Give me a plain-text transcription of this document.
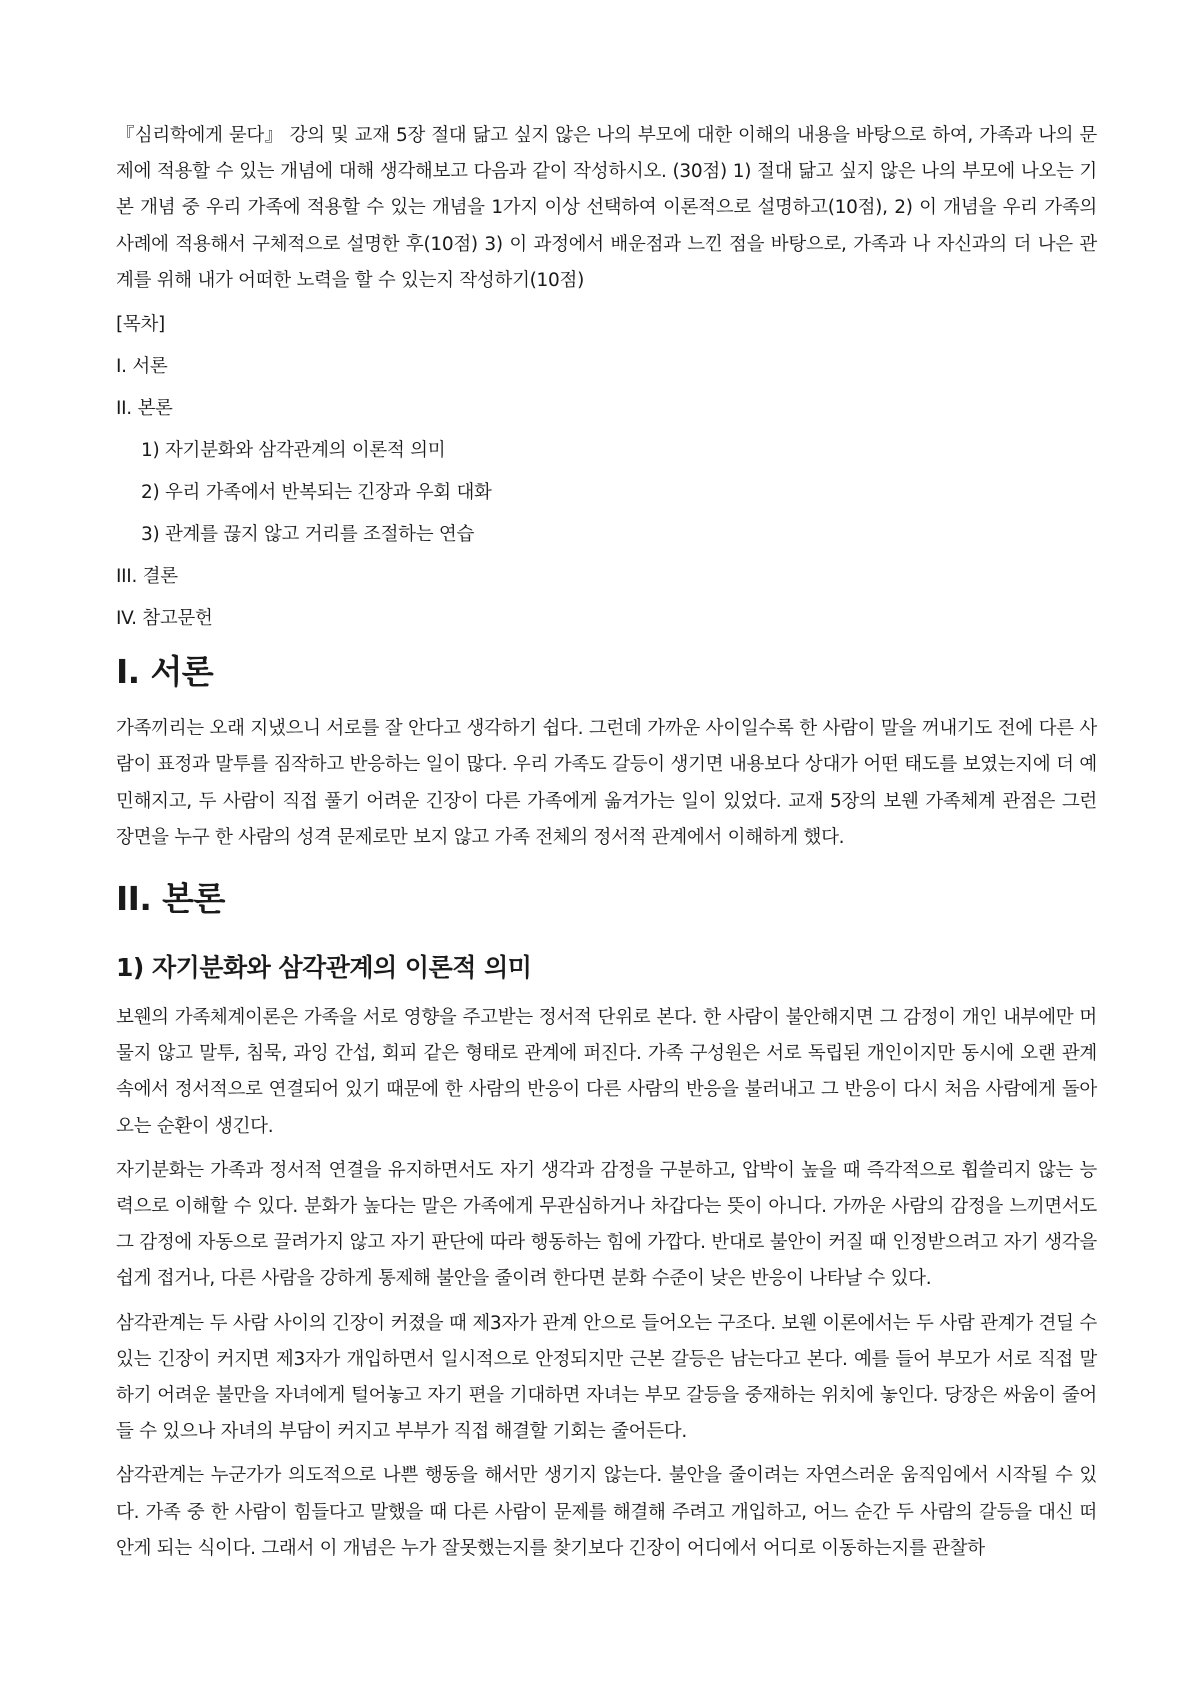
『심리학에게 묻다』 강의 및 교재 5장 절대 닮고 싶지 않은 나의 부모에 대한 이해의 내용을 바탕으로 하여, 가족과 나의 문제에 적용할 수 있는 개념에 대해 생각해보고 다음과 같이 작성하시오. (30점) 1) 절대 닮고 싶지 않은 나의 부모에 나오는 기본 개념 중 우리 가족에 적용할 수 있는 개념을 1가지 이상 선택하여 이론적으로 설명하고(10점), 2) 이 개념을 우리 가족의 사례에 적용해서 구체적으로 설명한 후(10점) 3) 이 과정에서 배운점과 느낀 점을 바탕으로, 가족과 나 자신과의 더 나은 관계를 위해 내가 어떠한 노력을 할 수 있는지 작성하기(10점)

[목차]

I. 서론
II. 본론
1) 자기분화와 삼각관계의 이론적 의미
2) 우리 가족에서 반복되는 긴장과 우회 대화
3) 관계를 끊지 않고 거리를 조절하는 연습
III. 결론
IV. 참고문헌
I. 서론

가족끼리는 오래 지냈으니 서로를 잘 안다고 생각하기 쉽다. 그런데 가까운 사이일수록 한 사람이 말을 꺼내기도 전에 다른 사람이 표정과 말투를 짐작하고 반응하는 일이 많다. 우리 가족도 갈등이 생기면 내용보다 상대가 어떤 태도를 보였는지에 더 예민해지고, 두 사람이 직접 풀기 어려운 긴장이 다른 가족에게 옮겨가는 일이 있었다. 교재 5장의 보웬 가족체계 관점은 그런 장면을 누구 한 사람의 성격 문제로만 보지 않고 가족 전체의 정서적 관계에서 이해하게 했다.

II. 본론
1) 자기분화와 삼각관계의 이론적 의미

보웬의 가족체계이론은 가족을 서로 영향을 주고받는 정서적 단위로 본다. 한 사람이 불안해지면 그 감정이 개인 내부에만 머물지 않고 말투, 침묵, 과잉 간섭, 회피 같은 형태로 관계에 퍼진다. 가족 구성원은 서로 독립된 개인이지만 동시에 오랜 관계 속에서 정서적으로 연결되어 있기 때문에 한 사람의 반응이 다른 사람의 반응을 불러내고 그 반응이 다시 처음 사람에게 돌아오는 순환이 생긴다.

자기분화는 가족과 정서적 연결을 유지하면서도 자기 생각과 감정을 구분하고, 압박이 높을 때 즉각적으로 휩쓸리지 않는 능력으로 이해할 수 있다. 분화가 높다는 말은 가족에게 무관심하거나 차갑다는 뜻이 아니다. 가까운 사람의 감정을 느끼면서도 그 감정에 자동으로 끌려가지 않고 자기 판단에 따라 행동하는 힘에 가깝다. 반대로 불안이 커질 때 인정받으려고 자기 생각을 쉽게 접거나, 다른 사람을 강하게 통제해 불안을 줄이려 한다면 분화 수준이 낮은 반응이 나타날 수 있다.

삼각관계는 두 사람 사이의 긴장이 커졌을 때 제3자가 관계 안으로 들어오는 구조다. 보웬 이론에서는 두 사람 관계가 견딜 수 있는 긴장이 커지면 제3자가 개입하면서 일시적으로 안정되지만 근본 갈등은 남는다고 본다. 예를 들어 부모가 서로 직접 말하기 어려운 불만을 자녀에게 털어놓고 자기 편을 기대하면 자녀는 부모 갈등을 중재하는 위치에 놓인다. 당장은 싸움이 줄어들 수 있으나 자녀의 부담이 커지고 부부가 직접 해결할 기회는 줄어든다.

삼각관계는 누군가가 의도적으로 나쁜 행동을 해서만 생기지 않는다. 불안을 줄이려는 자연스러운 움직임에서 시작될 수 있다. 가족 중 한 사람이 힘들다고 말했을 때 다른 사람이 문제를 해결해 주려고 개입하고, 어느 순간 두 사람의 갈등을 대신 떠안게 되는 식이다. 그래서 이 개념은 누가 잘못했는지를 찾기보다 긴장이 어디에서 어디로 이동하는지를 관찰하
